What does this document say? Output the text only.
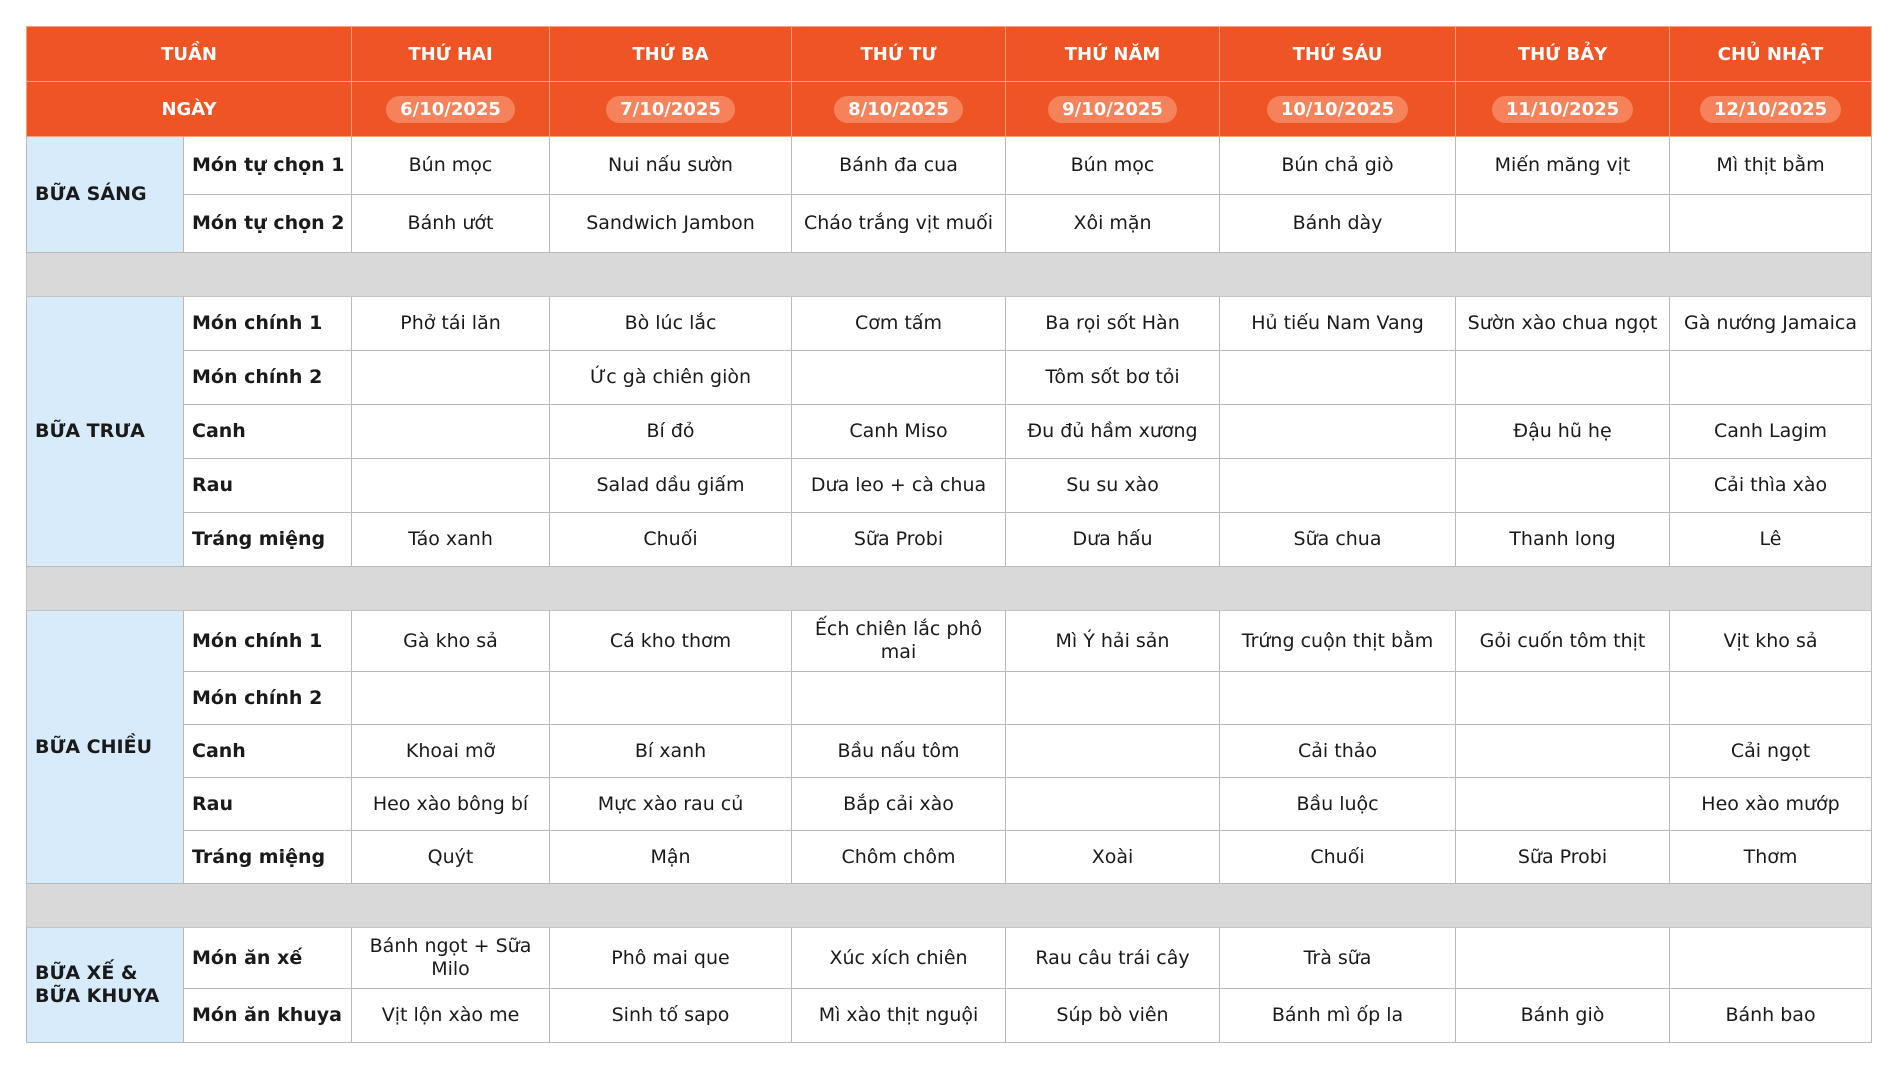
TUẦN		THỨ HAI	THỨ BA	THỨ TƯ	THỨ NĂM	THỨ SÁU	THỨ BẢY	CHỦ NHẬT
NGÀY		6/10/2025	7/10/2025	8/10/2025	9/10/2025	10/10/2025	11/10/2025	12/10/2025
BỮA SÁNG	Món tự chọn 1	Bún mọc	Nui nấu sườn	Bánh đa cua	Bún mọc	Bún chả giò	Miến măng vịt	Mì thịt bằm
	Món tự chọn 2	Bánh ướt	Sandwich Jambon	Cháo trắng vịt muối	Xôi mặn	Bánh dày		

BỮA TRƯA	Món chính 1	Phở tái lăn	Bò lúc lắc	Cơm tấm	Ba rọi sốt Hàn	Hủ tiếu Nam Vang	Sườn xào chua ngọt	Gà nướng Jamaica
	Món chính 2		Ức gà chiên giòn		Tôm sốt bơ tỏi			
	Canh		Bí đỏ	Canh Miso	Đu đủ hầm xương		Đậu hũ hẹ	Canh Lagim
	Rau		Salad dầu giấm	Dưa leo + cà chua	Su su xào			Cải thìa xào
	Tráng miệng	Táo xanh	Chuối	Sữa Probi	Dưa hấu	Sữa chua	Thanh long	Lê

BỮA CHIỀU	Món chính 1	Gà kho sả	Cá kho thơm	Ếch chiên lắc phô mai	Mì Ý hải sản	Trứng cuộn thịt bằm	Gỏi cuốn tôm thịt	Vịt kho sả
	Món chính 2							
	Canh	Khoai mỡ	Bí xanh	Bầu nấu tôm		Cải thảo		Cải ngọt
	Rau	Heo xào bông bí	Mực xào rau củ	Bắp cải xào		Bầu luộc		Heo xào mướp
	Tráng miệng	Quýt	Mận	Chôm chôm	Xoài	Chuối	Sữa Probi	Thơm

BỮA XẾ & BỮA KHUYA	Món ăn xế	Bánh ngọt + Sữa Milo	Phô mai que	Xúc xích chiên	Rau câu trái cây	Trà sữa		
	Món ăn khuya	Vịt lộn xào me	Sinh tố sapo	Mì xào thịt nguội	Súp bò viên	Bánh mì ốp la	Bánh giò	Bánh bao
